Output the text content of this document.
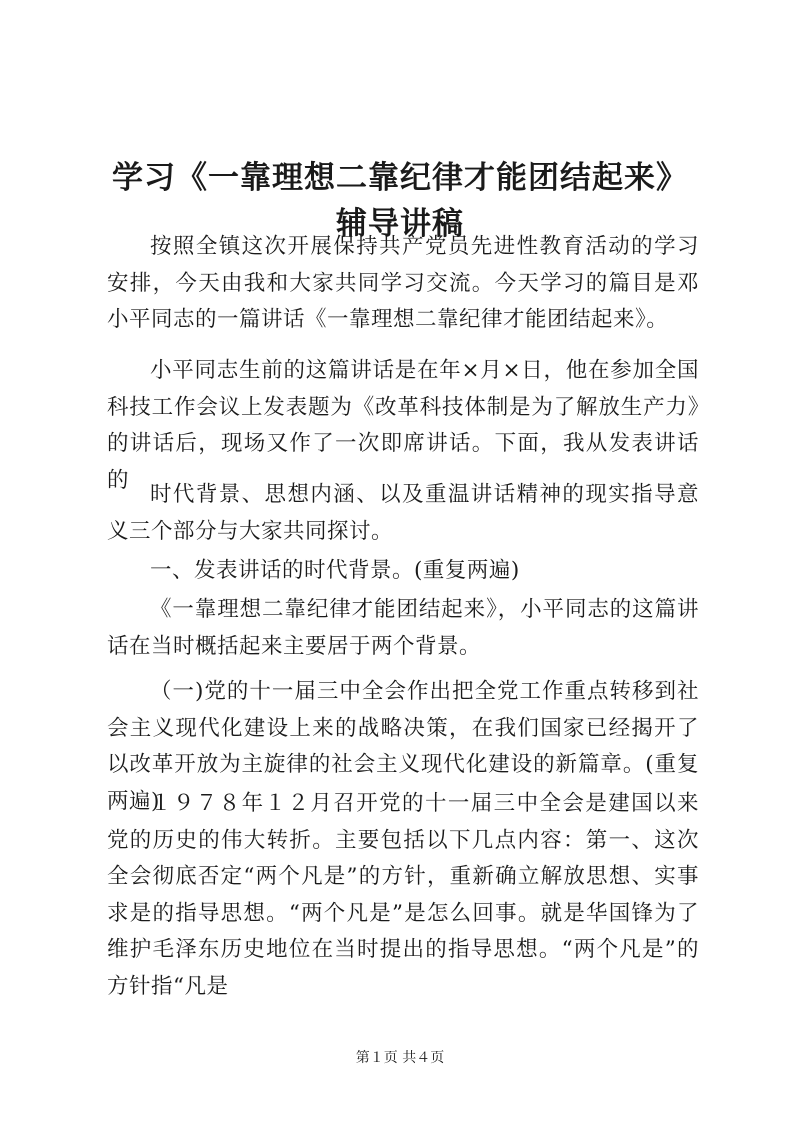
学习《一靠理想二靠纪律才能团结起来》辅导讲稿

按照全镇这次开展保持共产党员先进性教育活动的学习安排，今天由我和大家共同学习交流。今天学习的篇目是邓小平同志的一篇讲话《一靠理想二靠纪律才能团结起来》。

小平同志生前的这篇讲话是在年×月×日，他在参加全国科技工作会议上发表题为《改革科技体制是为了解放生产力》的讲话后，现场又作了一次即席讲话。下面，我从发表讲话的

时代背景、思想内涵、以及重温讲话精神的现实指导意义三个部分与大家共同探讨。

一、发表讲话的时代背景。(重复两遍)

《一靠理想二靠纪律才能团结起来》，小平同志的这篇讲话在当时概括起来主要居于两个背景。

（一)党的十一届三中全会作出把全党工作重点转移到社会主义现代化建设上来的战略决策，在我们国家已经揭开了以改革开放为主旋律的社会主义现代化建设的新篇章。(重复两遍)

１９７８年１２月召开党的十一届三中全会是建国以来党的历史的伟大转折。主要包括以下几点内容：第一、这次全会彻底否定“两个凡是”的方针，重新确立解放思想、实事求是的指导思想。“两个凡是”是怎么回事。就是华国锋为了维护毛泽东历史地位在当时提出的指导思想。“两个凡是”的方针指“凡是

第１页 共４页
